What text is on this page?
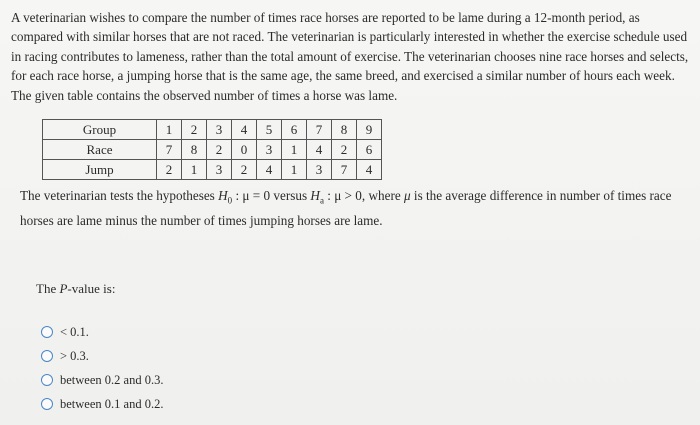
A veterinarian wishes to compare the number of times race horses are reported to be lame during a 12-month period, as

compared with similar horses that are not raced. The veterinarian is particularly interested in whether the exercise schedule used

in racing contributes to lameness, rather than the total amount of exercise. The veterinarian chooses nine race horses and selects,

for each race horse, a jumping horse that is the same age, the same breed, and exercised a similar number of hours each week.

The given table contains the observed number of times a horse was lame.

Group	1	2	3	4	5	6	7	8	9
Race	7	8	2	0	3	1	4	2	6
Jump	2	1	3	2	4	1	3	7	4

The veterinarian tests the hypotheses $H_0$ : μ = 0 versus $H_a$ : μ > 0, where μ is the average difference in number of times race

horses are lame minus the number of times jumping horses are lame.

The P-value is:
< 0.1.
> 0.3.
between 0.2 and 0.3.
between 0.1 and 0.2.
